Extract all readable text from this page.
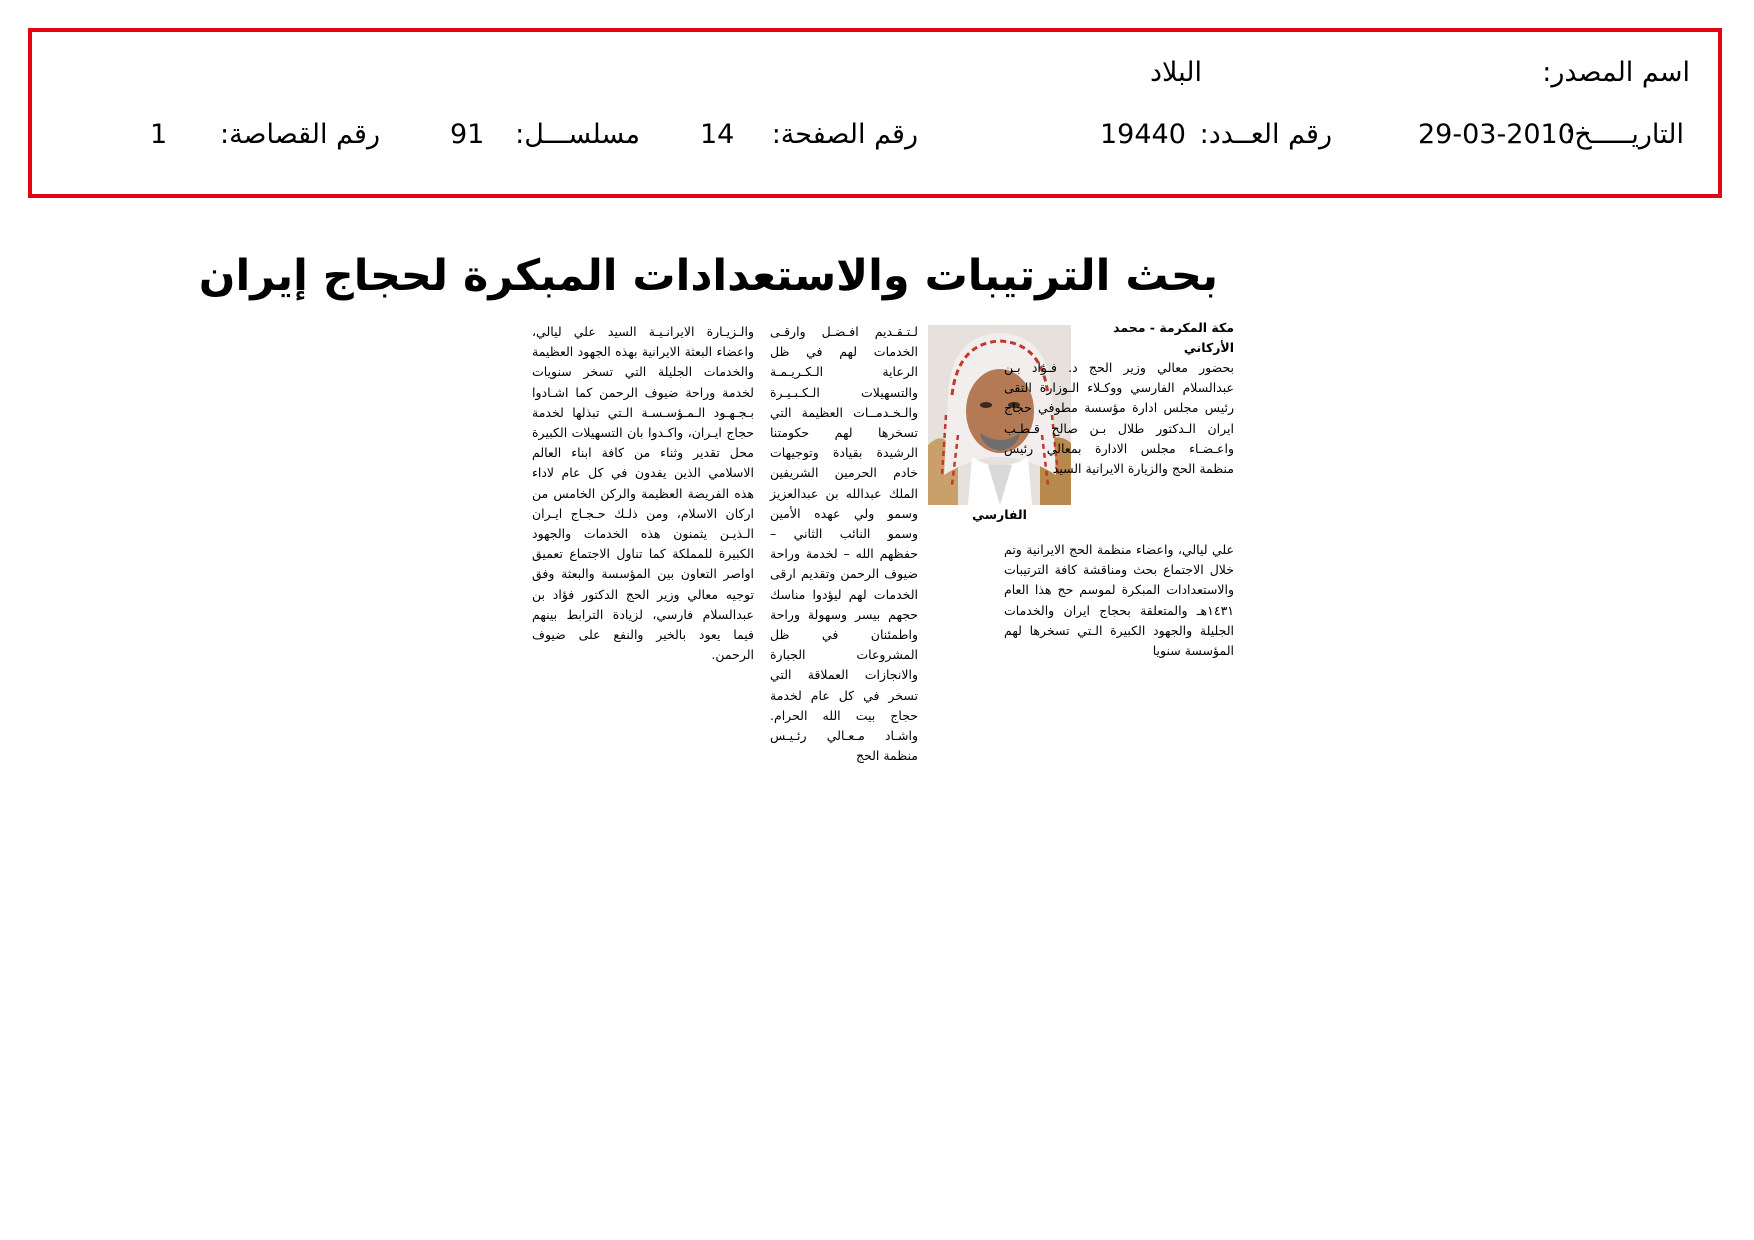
اسم المصدر:
البلاد
التاريـــــخ:
29-03-2010
رقم العــدد:
19440
رقم الصفحة:
14
مسلســـل:
91
رقم القصاصة:
1
بحث الترتيبات والاستعدادات المبكرة لحجاج إيران
مكة المكرمة - محمد الأركاني
الفارسي
بحضور معالي وزير الحج د. فـؤاد بـن عبدالسلام الفارسي ووكـلاء الـوزارة التقى رئيس مجلس ادارة مؤسسة مطوفي حجاج ايران الـدكتور طلال بـن صالح قـطـب واعـضـاء مجلس الادارة بمعالي رئيس منظمة الحج والزيارة الايرانية السيد
علي ليالي، واعضاء منظمة الحج الايرانية وتم خلال الاجتماع بحث ومناقشة كافة الترتيبات والاستعدادات المبكرة لموسم حج هذا العام ١٤٣١هـ والمتعلقة بحجاج ايران والخدمات الجليلة والجهود الكبيرة الـتي تسخرها لهم المؤسسة سنويا
لـتـقـديم افـضـل وارقـى الخدمات لهم في ظل الرعاية الـكـريـمـة والتسهيلات الـكـبـيـرة والـخـدمــات العظيمة التي تسخرها لهم حكومتنا الرشيدة بقيادة وتوجيهات خادم الحرمين الشريفين الملك عبدالله بن عبدالعزيز وسمو ولي عهده الأمين وسمو النائب الثاني – حفظهم الله – لخدمة وراحة ضيوف الرحمن وتقديم ارقى الخدمات لهم ليؤدوا مناسك حجهم بيسر وسهولة وراحة واطمئنان في ظل المشروعات الجبارة والانجازات العملاقة التي تسخر في كل عام لخدمة حجاج بيت الله الحرام. واشـاد مـعـالي رئـيـس منظمة الحج
والـزيـارة الايرانـيـة السيد علي ليالي، واعضاء البعثة الايرانية بهذه الجهود العظيمة والخدمات الجليلة التي تسخر سنويات لخدمة وراحة ضيوف الرحمن كما اشـادوا بـجـهـود الـمـؤسـسـة الـتي تبذلها لخدمة حجاج ايـران، واكـدوا بان التسهيلات الكبيرة محل تقدير وثناء من كافة ابناء العالم الاسلامي الذين يفدون في كل عام لاداء هذه الفريضة العظيمة والركن الخامس من اركان الاسلام، ومن ذلـك حـجـاج ايـران الـذيـن يثمنون هذه الخدمات والجهود الكبيرة للمملكة كما تناول الاجتماع تعميق اواصر التعاون بين المؤسسة والبعثة وفق توجيه معالي وزير الحج الدكتور فؤاد بن عبدالسلام فارسي، لزيادة الترابط بينهم فيما يعود بالخير والنفع على ضيوف الرحمن.
